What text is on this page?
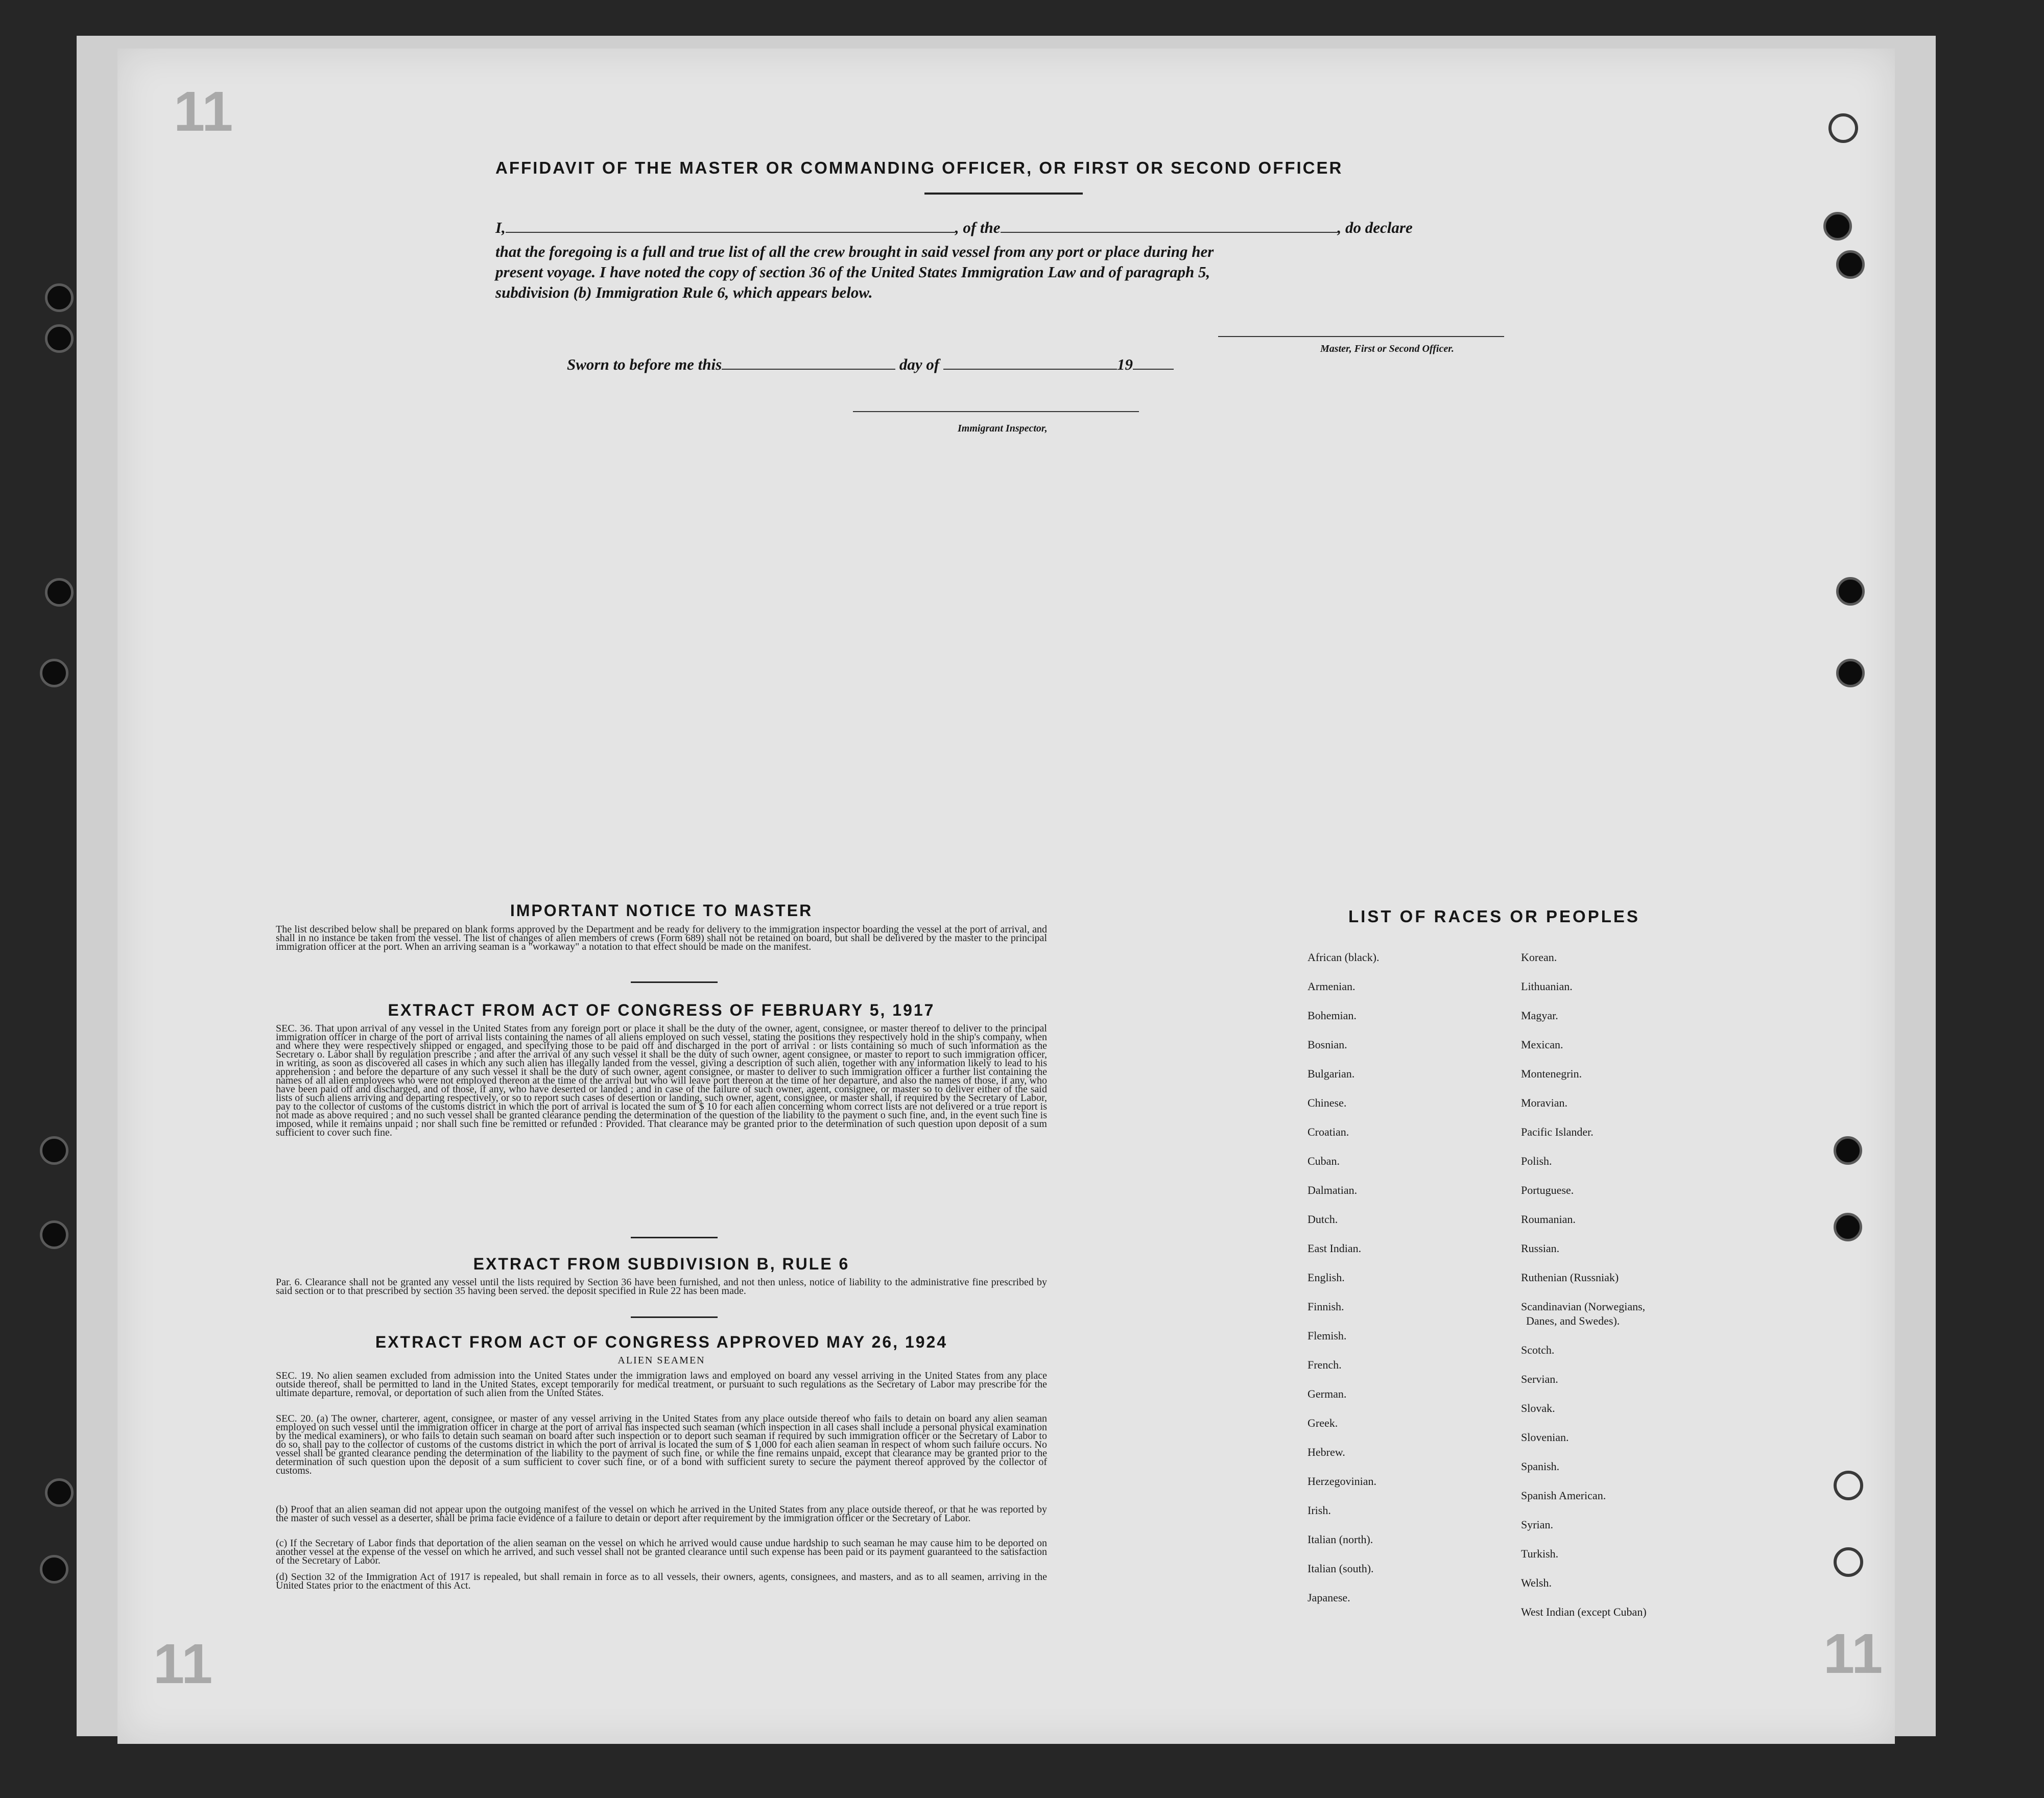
11
11	11
AFFIDAVIT OF THE MASTER OR COMMANDING OFFICER, OR FIRST OR SECOND OFFICER
I,	, of the	, do declare
that the foregoing is a full and true list of all the crew brought in said vessel from any port or place during her
present voyage. I have noted the copy of section 36 of the United States Immigration Law and of paragraph 5,
subdivision (b) Immigration Rule 6, which appears below.
Master, First or Second Officer.
Sworn to before me this	day of	19
Immigrant Inspector,
IMPORTANT NOTICE TO MASTER
The list described below shall be prepared on blank forms approved by the Department and be ready for delivery to the immigration inspector boarding the vessel at the port of arrival, and shall in no instance be taken from the vessel. The list of changes of alien members of crews (Form 689) shall not be retained on board, but shall be delivered by the master to the principal immigration officer at the port. When an arriving seaman is a "workaway" a notation to that effect should be made on the manifest.
EXTRACT FROM ACT OF CONGRESS OF FEBRUARY 5, 1917
SEC. 36. That upon arrival of any vessel in the United States from any foreign port or place it shall be the duty of the owner, agent, consignee, or master thereof to deliver to the principal immigration officer in charge of the port of arrival lists containing the names of all aliens employed on such vessel, stating the positions they respectively hold in the ship's company, when and where they were respectively shipped or engaged, and specifying those to be paid off and discharged in the port of arrival : or lists containing so much of such information as the Secretary o. Labor shall by regulation prescribe ; and after the arrival of any such vessel it shall be the duty of such owner, agent consignee, or master to report to such immigration officer, in writing, as soon as discovered all cases in which any such alien has illegally landed from the vessel, giving a description of such alien, together with any information likely to lead to his apprehension ; and before the departure of any such vessel it shall be the duty of such owner, agent consignee, or master to deliver to such immigration officer a further list containing the names of all alien employees who were not employed thereon at the time of the arrival but who will leave port thereon at the time of her departure, and also the names of those, if any, who have been paid off and discharged, and of those, if any, who have deserted or landed ; and in case of the failure of such owner, agent, consignee, or master so to deliver either of the said lists of such aliens arriving and departing respectively, or so to report such cases of desertion or landing, such owner, agent, consignee, or master shall, if required by the Secretary of Labor, pay to the collector of customs of the customs district in which the port of arrival is located the sum of $ 10 for each alien concerning whom correct lists are not delivered or a true report is not made as above required ; and no such vessel shall be granted clearance pending the determination of the question of the liability to the payment o such fine, and, in the event such fine is imposed, while it remains unpaid ; nor shall such fine be remitted or refunded : Provided. That clearance may be granted prior to the determination of such question upon deposit of a sum sufficient to cover such fine.
EXTRACT FROM SUBDIVISION B, RULE 6
Par. 6. Clearance shall not be granted any vessel until the lists required by Section 36 have been furnished, and not then unless, notice of liability to the administrative fine prescribed by said section or to that prescribed by section 35 having been served. the deposit specified in Rule 22 has been made.
EXTRACT FROM ACT OF CONGRESS APPROVED MAY 26, 1924
ALIEN SEAMEN
SEC. 19. No alien seamen excluded from admission into the United States under the immigration laws and employed on board any vessel arriving in the United States from any place outside thereof, shall be permitted to land in the United States, except temporarily for medical treatment, or pursuant to such regulations as the Secretary of Labor may prescribe for the ultimate departure, removal, or deportation of such alien from the United States.
SEC. 20. (a) The owner, charterer, agent, consignee, or master of any vessel arriving in the United States from any place outside thereof who fails to detain on board any alien seaman employed on such vessel until the immigration officer in charge at the port of arrival has inspected such seaman (which inspection in all cases shall include a personal physical examination by the medical examiners), or who fails to detain such seaman on board after such inspection or to deport such seaman if required by such immigration officer or the Secretary of Labor to do so, shall pay to the collector of customs of the customs district in which the port of arrival is located the sum of $ 1,000 for each alien seaman in respect of whom such failure occurs. No vessel shall be granted clearance pending the determination of the liability to the payment of such fine, or while the fine remains unpaid, except that clearance may be granted prior to the determination of such question upon the deposit of a sum sufficient to cover such fine, or of a bond with sufficient surety to secure the payment thereof approved by the collector of customs.
(b) Proof that an alien seaman did not appear upon the outgoing manifest of the vessel on which he arrived in the United States from any place outside thereof, or that he was reported by the master of such vessel as a deserter, shall be prima facie evidence of a failure to detain or deport after requirement by the immigration officer or the Secretary of Labor.
(c) If the Secretary of Labor finds that deportation of the alien seaman on the vessel on which he arrived would cause undue hardship to such seaman he may cause him to be deported on another vessel at the expense of the vessel on which he arrived, and such vessel shall not be granted clearance until such expense has been paid or its payment guaranteed to the satisfaction of the Secretary of Labor.
(d) Section 32 of the Immigration Act of 1917 is repealed, but shall remain in force as to all vessels, their owners, agents, consignees, and masters, and as to all seamen, arriving in the United States prior to the enactment of this Act.
LIST OF RACES OR PEOPLES
African (black).
Armenian.
Bohemian.
Bosnian.
Bulgarian.
Chinese.
Croatian.
Cuban.
Dalmatian.
Dutch.
East Indian.
English.
Finnish.
Flemish.
French.
German.
Greek.
Hebrew.
Herzegovinian.
Irish.
Italian (north).
Italian (south).
Japanese.
Korean.
Lithuanian.
Magyar.
Mexican.
Montenegrin.
Moravian.
Pacific Islander.
Polish.
Portuguese.
Roumanian.
Russian.
Ruthenian (Russniak)
Scandinavian (Norwegians,
Danes, and Swedes).
Scotch.
Servian.
Slovak.
Slovenian.
Spanish.
Spanish American.
Syrian.
Turkish.
Welsh.
West Indian (except Cuban)
